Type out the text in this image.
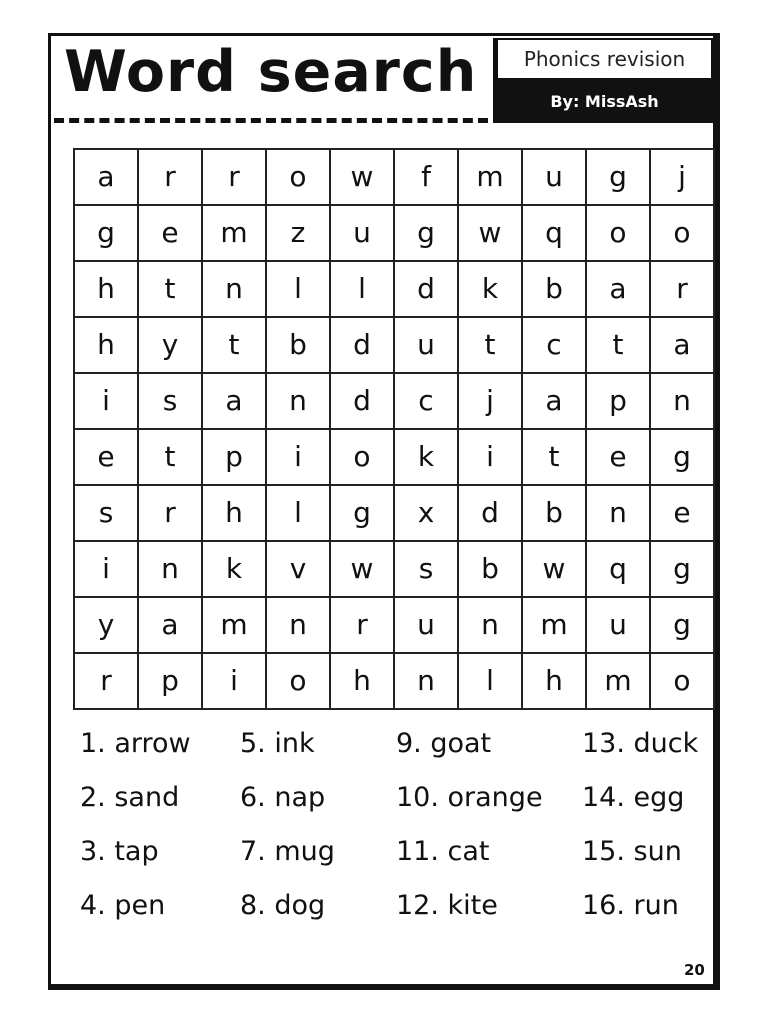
Word search	Phonics revision
By: MissAsh
a	r	r	o	w	f	m	u	g	j
g	e	m	z	u	g	w	q	o	o
h	t	n	l	l	d	k	b	a	r
h	y	t	b	d	u	t	c	t	a
i	s	a	n	d	c	j	a	p	n
e	t	p	i	o	k	i	t	e	g
s	r	h	l	g	x	d	b	n	e
i	n	k	v	w	s	b	w	q	g
y	a	m	n	r	u	n	m	u	g
r	p	i	o	h	n	l	h	m	o
1. arrow
2. sand
3. tap
4. pen
5. ink
6. nap
7. mug
8. dog
9. goat
10. orange
11. cat
12. kite
13. duck
14. egg
15. sun
16. run
20
